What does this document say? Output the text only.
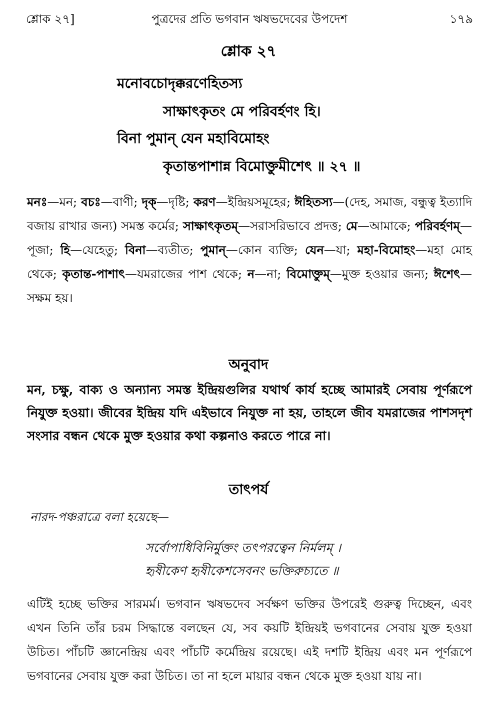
শ্লোক ২৭]	পুত্রদের প্রতি ভগবান ঋষভদেবের উপদেশ	১৭৯
শ্লোক ২৭
মনোবচোদৃক্করণেহিতস্য
সাক্ষাৎকৃতং মে পরিবর্হণং হি।
বিনা পুমান্ যেন মহাবিমোহং
কৃতান্তপাশান্ন বিমোক্তুমীশেৎ ॥ ২৭ ॥
মনঃ—মন; বচঃ—বাণী; দৃক্—দৃষ্টি; করণ—ইন্দ্রিয়সমূহের; ঈহিতস্য—(দেহ, সমাজ, বন্ধুত্ব ইত্যাদি বজায় রাখার জন্য) সমস্ত কর্মের; সাক্ষাৎকৃতম্—সরাসরিভাবে প্রদত্ত; মে—আমাকে; পরিবর্হণম্—পূজা; হি—যেহেতু; বিনা—ব্যতীত; পুমান্—কোন ব্যক্তি; যেন—যা; মহা-বিমোহং—মহা মোহ থেকে; কৃতান্ত-পাশাৎ—যমরাজের পাশ থেকে; ন—না; বিমোক্তুম্—মুক্ত হওয়ার জন্য; ঈশেৎ—সক্ষম হয়।
অনুবাদ
মন, চক্ষু, বাক্য ও অন্যান্য সমস্ত ইন্দ্রিয়গুলির যথার্থ কার্য হচ্ছে আমারই সেবায় পূর্ণরূপে নিযুক্ত হওয়া। জীবের ইন্দ্রিয় যদি এইভাবে নিযুক্ত না হয়, তাহলে জীব যমরাজের পাশসদৃশ সংসার বন্ধন থেকে মুক্ত হওয়ার কথা কল্পনাও করতে পারে না।
তাৎপর্য
নারদ-পঞ্চরাত্রে বলা হয়েছে—
সর্বোপাধিবিনির্মুক্তং তৎপরত্বেন নির্মলম্ ।
হৃষীকেণ হৃষীকেশসেবনং ভক্তিরুচ্যতে ॥
এটিই হচ্ছে ভক্তির সারমর্ম। ভগবান ঋষভদেব সর্বক্ষণ ভক্তির উপরেই গুরুত্ব দিচ্ছেন, এবং এখন তিনি তাঁর চরম সিদ্ধান্তে বলছেন যে, সব কয়টি ইন্দ্রিয়ই ভগবানের সেবায় যুক্ত হওয়া উচিত। পাঁচটি জ্ঞানেন্দ্রিয় এবং পাঁচটি কর্মেন্দ্রিয় রয়েছে। এই দশটি ইন্দ্রিয় এবং মন পূর্ণরূপে ভগবানের সেবায় যুক্ত করা উচিত। তা না হলে মায়ার বন্ধন থেকে মুক্ত হওয়া যায় না।
